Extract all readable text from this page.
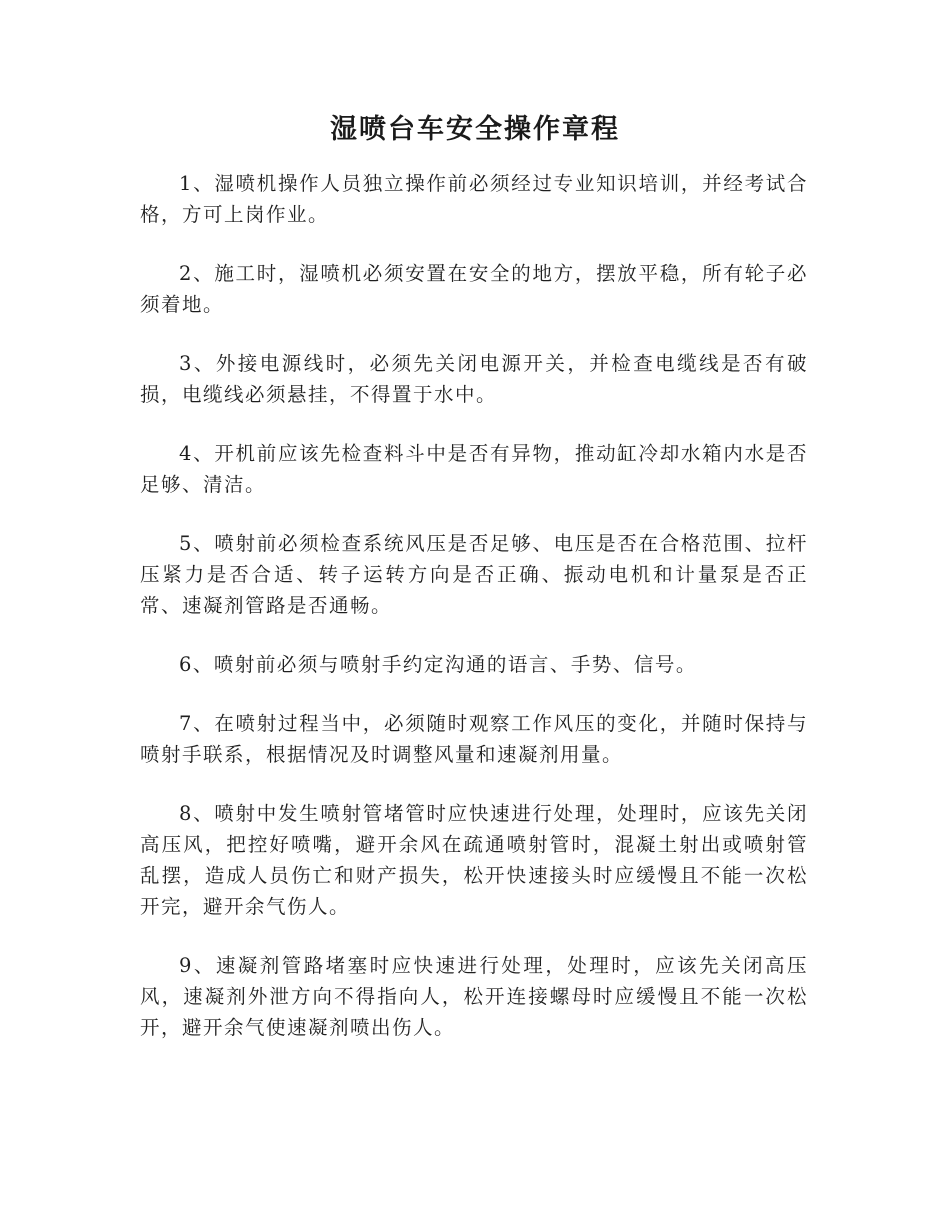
湿喷台车安全操作章程

1、湿喷机操作人员独立操作前必须经过专业知识培训，并经考试合格，方可上岗作业。

2、施工时，湿喷机必须安置在安全的地方，摆放平稳，所有轮子必须着地。

3、外接电源线时，必须先关闭电源开关，并检查电缆线是否有破损，电缆线必须悬挂，不得置于水中。

4、开机前应该先检查料斗中是否有异物，推动缸冷却水箱内水是否足够、清洁。

5、喷射前必须检查系统风压是否足够、电压是否在合格范围、拉杆压紧力是否合适、转子运转方向是否正确、振动电机和计量泵是否正常、速凝剂管路是否通畅。

6、喷射前必须与喷射手约定沟通的语言、手势、信号。

7、在喷射过程当中，必须随时观察工作风压的变化，并随时保持与喷射手联系，根据情况及时调整风量和速凝剂用量。

8、喷射中发生喷射管堵管时应快速进行处理，处理时，应该先关闭高压风，把控好喷嘴，避开余风在疏通喷射管时，混凝土射出或喷射管乱摆，造成人员伤亡和财产损失，松开快速接头时应缓慢且不能一次松开完，避开余气伤人。

9、速凝剂管路堵塞时应快速进行处理，处理时，应该先关闭高压风，速凝剂外泄方向不得指向人，松开连接螺母时应缓慢且不能一次松开，避开余气使速凝剂喷出伤人。
